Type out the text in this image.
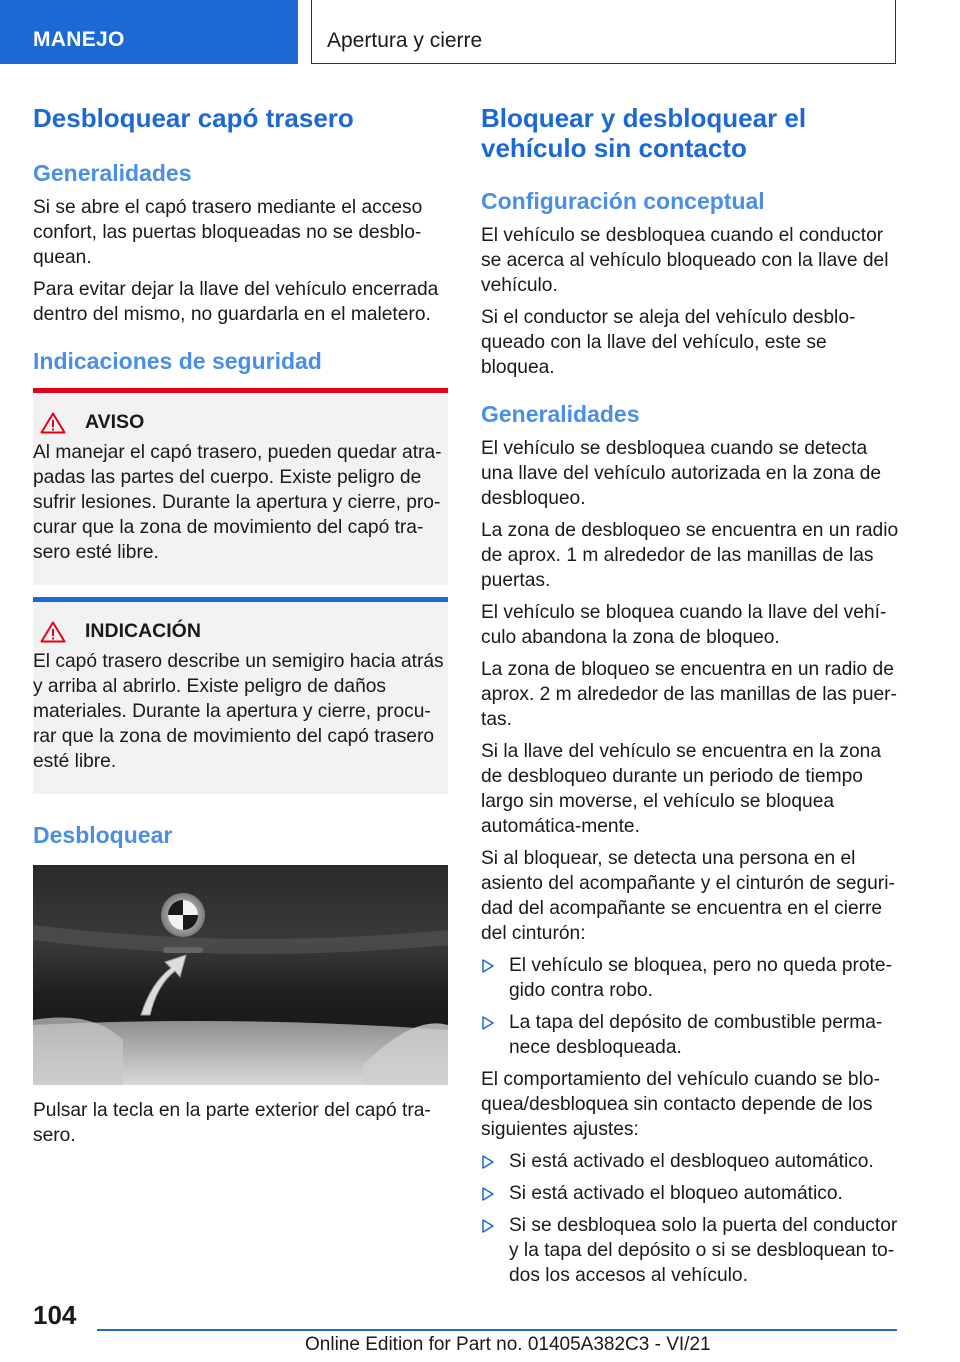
MANEJO	Apertura y cierre
Desbloquear capó trasero
Generalidades

Si se abre el capó trasero mediante el acceso confort, las puertas bloqueadas no se desblo-quean.

Para evitar dejar la llave del vehículo encerrada dentro del mismo, no guardarla en el maletero.

Indicaciones de seguridad
AVISO

Al manejar el capó trasero, pueden quedar atra-padas las partes del cuerpo. Existe peligro de sufrir lesiones. Durante la apertura y cierre, pro-curar que la zona de movimiento del capó tra-sero esté libre.

INDICACIÓN

El capó trasero describe un semigiro hacia atrás y arriba al abrirlo. Existe peligro de daños materiales. Durante la apertura y cierre, procu-rar que la zona de movimiento del capó trasero esté libre.

Desbloquear

Pulsar la tecla en la parte exterior del capó tra-sero.

Bloquear y desbloquear el vehículo sin contacto
Configuración conceptual

El vehículo se desbloquea cuando el conductor se acerca al vehículo bloqueado con la llave del vehículo.

Si el conductor se aleja del vehículo desblo-queado con la llave del vehículo, este se bloquea.

Generalidades

El vehículo se desbloquea cuando se detecta una llave del vehículo autorizada en la zona de desbloqueo.

La zona de desbloqueo se encuentra en un radio de aprox. 1 m alrededor de las manillas de las puertas.

El vehículo se bloquea cuando la llave del vehí-culo abandona la zona de bloqueo.

La zona de bloqueo se encuentra en un radio de aprox. 2 m alrededor de las manillas de las puer-tas.

Si la llave del vehículo se encuentra en la zona de desbloqueo durante un periodo de tiempo largo sin moverse, el vehículo se bloquea automática-mente.

Si al bloquear, se detecta una persona en el asiento del acompañante y el cinturón de seguri-dad del acompañante se encuentra en el cierre del cinturón:

El vehículo se bloquea, pero no queda prote-gido contra robo.
La tapa del depósito de combustible perma-nece desbloqueada.

El comportamiento del vehículo cuando se blo-quea/desbloquea sin contacto depende de los siguientes ajustes:

Si está activado el desbloqueo automático.
Si está activado el bloqueo automático.
Si se desbloquea solo la puerta del conductor y la tapa del depósito o si se desbloquean to-dos los accesos al vehículo.
104
Online Edition for Part no. 01405A382C3 - VI/21
